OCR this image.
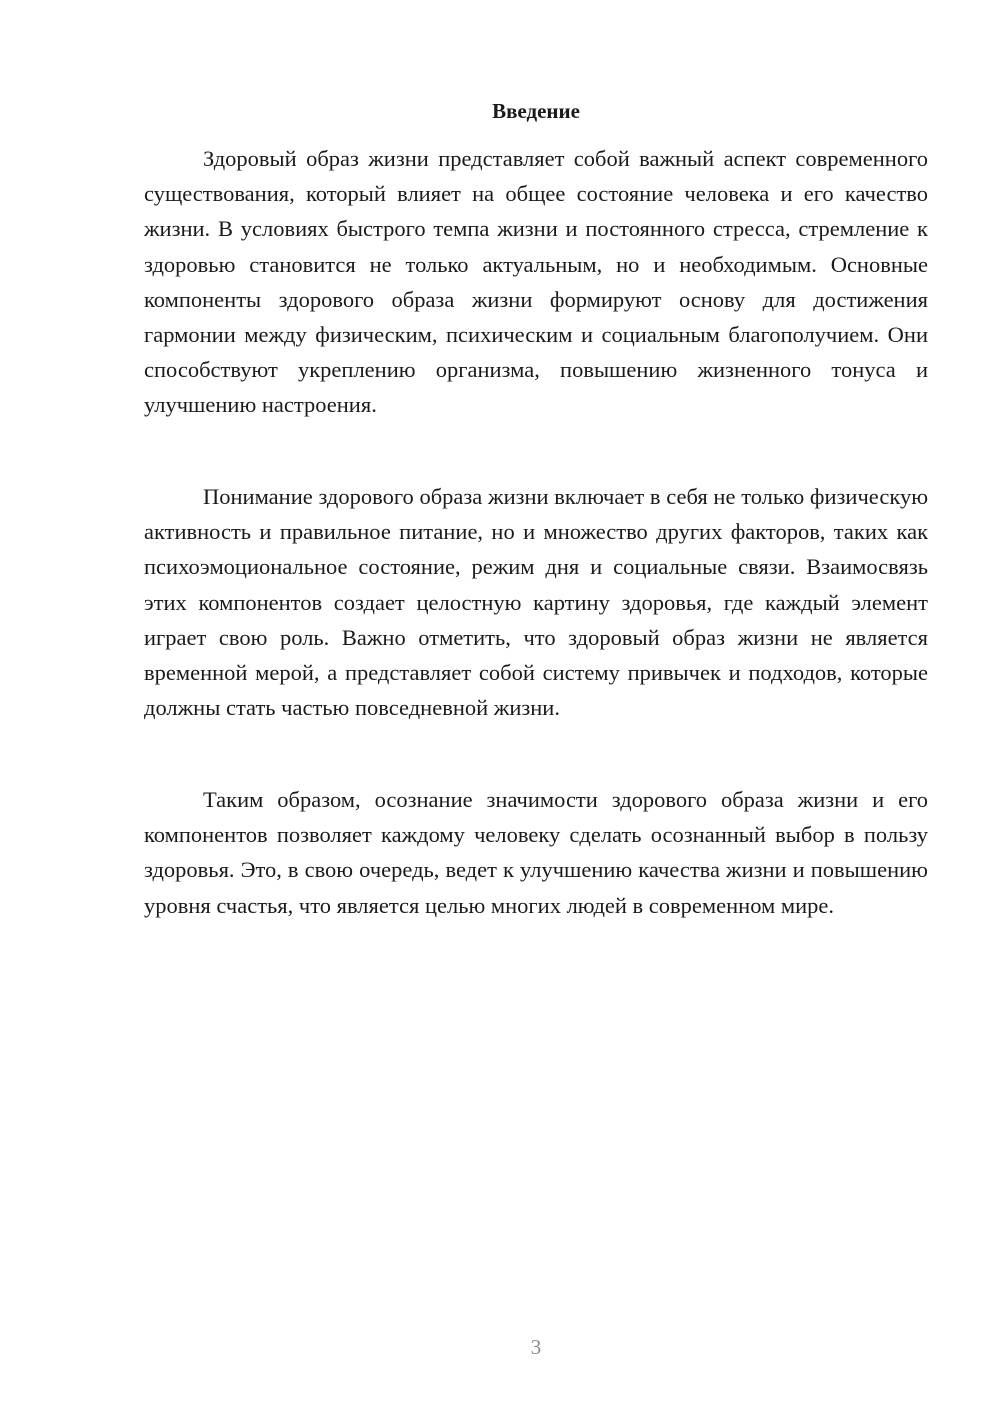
Введение

Здоровый образ жизни представляет собой важный аспект современного существования, который влияет на общее состояние человека и его качество жизни. В условиях быстрого темпа жизни и постоянного стресса, стремление к здоровью становится не только актуальным, но и необходимым. Основные компоненты здорового образа жизни формируют основу для достижения гармонии между физическим, психическим и социальным благополучием. Они способствуют укреплению организма, повышению жизненного тонуса и улучшению настроения.

Понимание здорового образа жизни включает в себя не только физическую активность и правильное питание, но и множество других факторов, таких как психоэмоциональное состояние, режим дня и социальные связи. Взаимосвязь этих компонентов создает целостную картину здоровья, где каждый элемент играет свою роль. Важно отметить, что здоровый образ жизни не является временной мерой, а представляет собой систему привычек и подходов, которые должны стать частью повседневной жизни.

Таким образом, осознание значимости здорового образа жизни и его компонентов позволяет каждому человеку сделать осознанный выбор в пользу здоровья. Это, в свою очередь, ведет к улучшению качества жизни и повышению уровня счастья, что является целью многих людей в современном мире.

3
